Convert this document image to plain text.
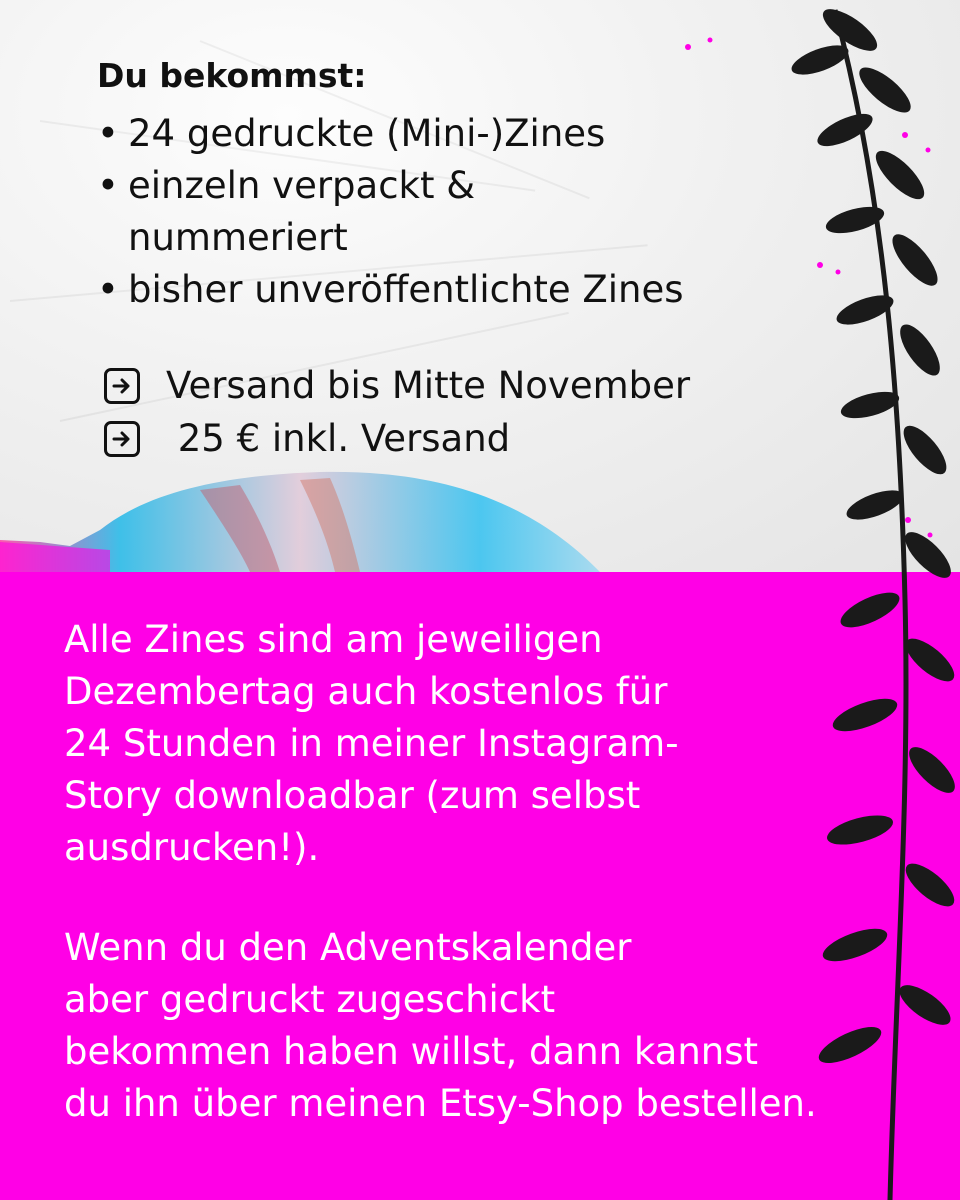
Du bekommst:
• 24 gedruckte (Mini-)Zines
• einzeln verpackt &
nummeriert
• bisher unveröffentlichte Zines
Versand bis Mitte November
25 € inkl. Versand

Alle Zines sind am jeweiligen
Dezembertag auch kostenlos für
24 Stunden in meiner Instagram-
Story downloadbar (zum selbst
ausdrucken!).

Wenn du den Adventskalender
aber gedruckt zugeschickt
bekommen haben willst, dann kannst
du ihn über meinen Etsy-Shop bestellen.
